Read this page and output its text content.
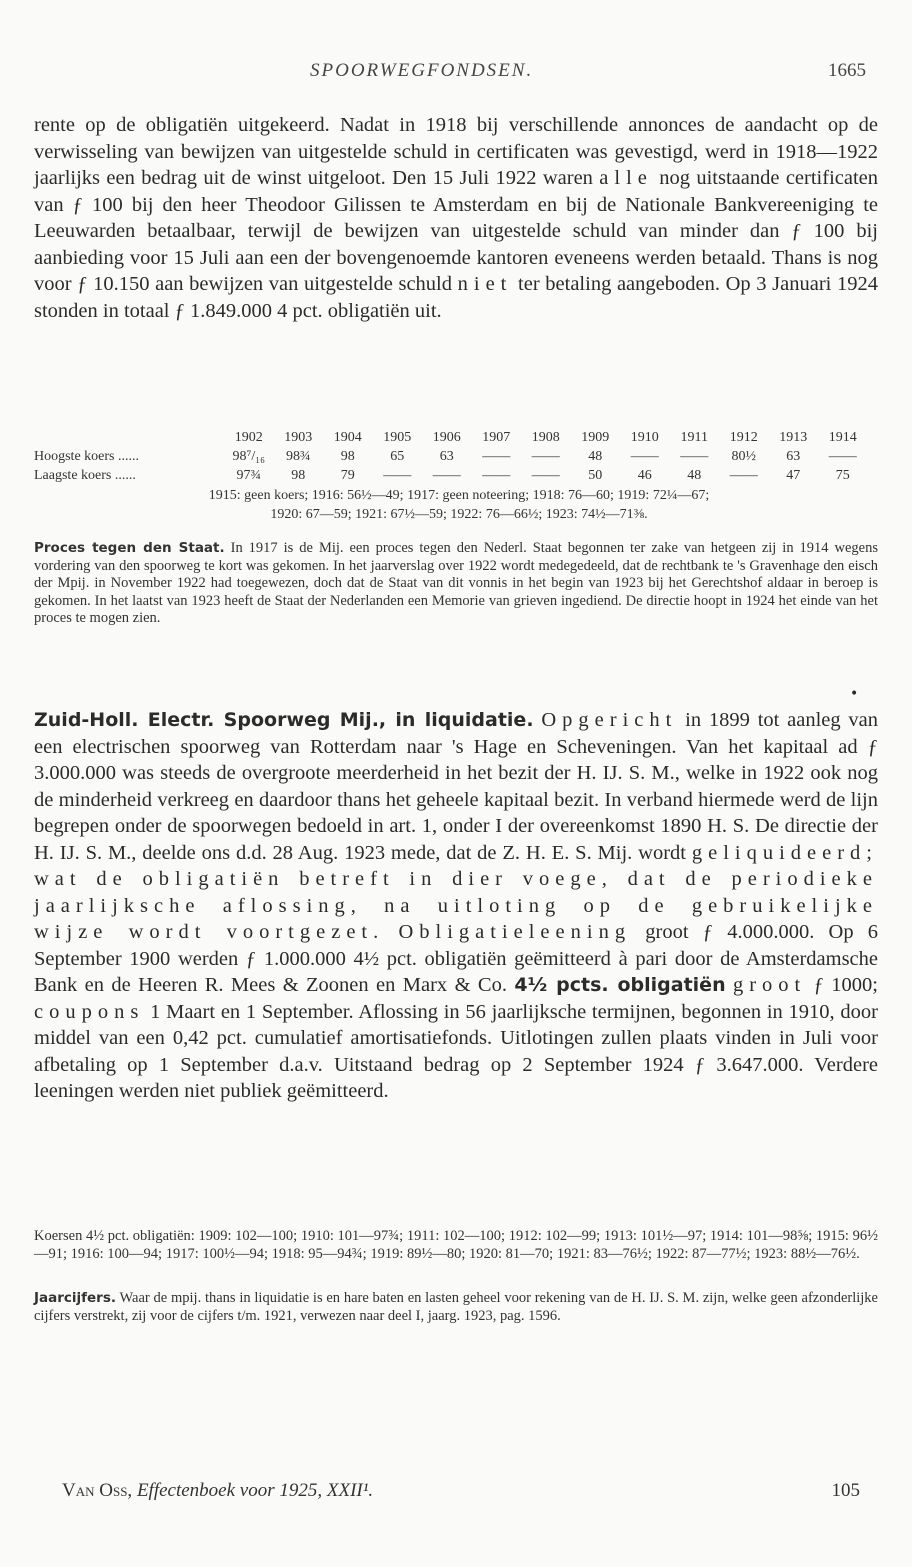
SPOORWEGFONDSEN.	1665
rente op de obligatiën uitgekeerd. Nadat in 1918 bij verschillende annonces de aandacht op de verwisseling van bewijzen van uitgestelde schuld in certificaten was gevestigd, werd in 1918—1922 jaarlijks een bedrag uit de winst uitgeloot. Den 15 Juli 1922 waren alle nog uitstaande certificaten van ƒ 100 bij den heer Theodoor Gilissen te Amsterdam en bij de Nationale Bankvereeniging te Leeuwarden betaalbaar, terwijl de bewijzen van uitgestelde schuld van minder dan ƒ 100 bij aanbieding voor 15 Juli aan een der bovengenoemde kantoren eveneens werden betaald. Thans is nog voor ƒ 10.150 aan bewijzen van uitgestelde schuld niet ter betaling aangeboden. Op 3 Januari 1924 stonden in totaal ƒ 1.849.000 4 pct. obligatiën uit.
	1902	1903	1904	1905	1906	1907	1908	1909	1910	1911	1912	1913	1914
Hoogste koers ......	98⁷/₁₆	98¾	98	65	63	——	——	48	——	——	80½	63	——
Laagste koers ......	97¾	98	79	——	——	——	——	50	46	48	——	47	75
1915: geen koers; 1916: 56½—49; 1917: geen noteering; 1918: 76—60; 1919: 72¼—67;
1920: 67—59; 1921: 67½—59; 1922: 76—66½; 1923: 74½—71⅜.
Proces tegen den Staat. In 1917 is de Mij. een proces tegen den Nederl. Staat begonnen ter zake van hetgeen zij in 1914 wegens vordering van den spoorweg te kort was gekomen. In het jaarverslag over 1922 wordt medegedeeld, dat de rechtbank te 's Gravenhage den eisch der Mpij. in November 1922 had toegewezen, doch dat de Staat van dit vonnis in het begin van 1923 bij het Gerechtshof aldaar in beroep is gekomen. In het laatst van 1923 heeft de Staat der Nederlanden een Memorie van grieven ingediend. De directie hoopt in 1924 het einde van het proces te mogen zien.
•
Zuid-Holl. Electr. Spoorweg Mij., in liquidatie. Opgericht in 1899 tot aanleg van een electrischen spoorweg van Rotterdam naar 's Hage en Scheveningen. Van het kapitaal ad ƒ 3.000.000 was steeds de overgroote meerderheid in het bezit der H. IJ. S. M., welke in 1922 ook nog de minderheid verkreeg en daardoor thans het geheele kapitaal bezit. In verband hiermede werd de lijn begrepen onder de spoorwegen bedoeld in art. 1, onder I der overeenkomst 1890 H. S. De directie der H. IJ. S. M., deelde ons d.d. 28 Aug. 1923 mede, dat de Z. H. E. S. Mij. wordt geliquideerd; wat de obligatiën betreft in dier voege, dat de periodieke jaarlijksche aflossing, na uitloting op de gebruikelijke wijze wordt voortgezet. Obligatieleening groot ƒ 4.000.000. Op 6 September 1900 werden ƒ 1.000.000 4½ pct. obligatiën geëmitteerd à pari door de Amsterdamsche Bank en de Heeren R. Mees & Zoonen en Marx & Co. 4½ pcts. obligatiën groot ƒ 1000; coupons 1 Maart en 1 September. Aflossing in 56 jaarlijksche termijnen, begonnen in 1910, door middel van een 0,42 pct. cumulatief amortisatiefonds. Uitlotingen zullen plaats vinden in Juli voor afbetaling op 1 September d.a.v. Uitstaand bedrag op 2 September 1924 ƒ 3.647.000. Verdere leeningen werden niet publiek geëmitteerd.
Koersen 4½ pct. obligatiën: 1909: 102—100; 1910: 101—97¾; 1911: 102—100; 1912: 102—99; 1913: 101½—97; 1914: 101—98⅝; 1915: 96½—91; 1916: 100—94; 1917: 100½—94; 1918: 95—94¾; 1919: 89½—80; 1920: 81—70; 1921: 83—76½; 1922: 87—77½; 1923: 88½—76½.
Jaarcijfers. Waar de mpij. thans in liquidatie is en hare baten en lasten geheel voor rekening van de H. IJ. S. M. zijn, welke geen afzonderlijke cijfers verstrekt, zij voor de cijfers t/m. 1921, verwezen naar deel I, jaarg. 1923, pag. 1596.
Van Oss, Effectenboek voor 1925, XXII¹.	105
